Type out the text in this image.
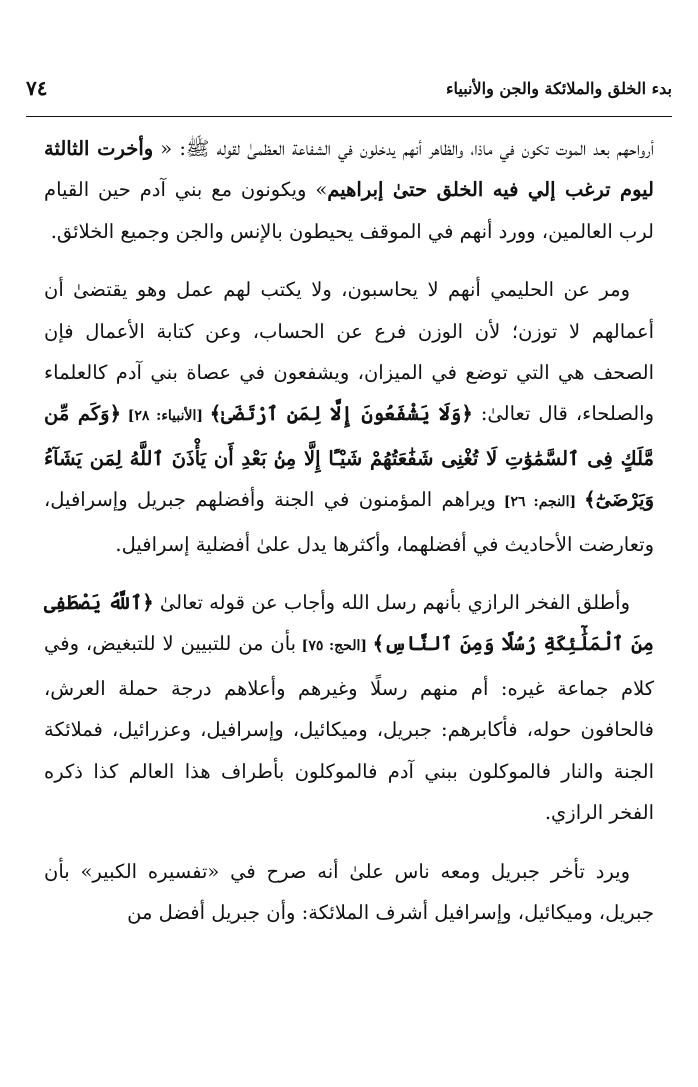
بدء الخلق والملائكة والجن والأنبياء
٧٤

أرواحهم بعد الموت تكون في ماذا، والظاهر أنهم يدخلون في الشفاعة العظمىٰ لقوله ﷺ: « وأخرت الثالثة ليوم ترغب إلي فيه الخلق حتىٰ إبراهيم» ويكونون مع بني آدم حين القيام لرب العالمين، وورد أنهم في الموقف يحيطون بالإنس والجن وجميع الخلائق.

ومر عن الحليمي أنهم لا يحاسبون، ولا يكتب لهم عمل وهو يقتضىٰ أن أعمالهم لا توزن؛ لأن الوزن فرع عن الحساب، وعن كتابة الأعمال فإن الصحف هي التي توضع في الميزان، ويشفعون في عصاة بني آدم كالعلماء والصلحاء، قال تعالىٰ: ﴿وَلَا يَشْفَعُونَ إِلَّا لِمَنِ ٱرْتَضَىٰ﴾ [الأنبياء: ٢٨] ﴿وَكَم مِّن مَّلَكٍ فِى ٱلسَّمَٰوَٰتِ لَا تُغْنِى شَفَٰعَتُهُمْ شَيْـًٔا إِلَّا مِنۢ بَعْدِ أَن يَأْذَنَ ٱللَّهُ لِمَن يَشَآءُ وَيَرْضَىٰٓ﴾ [النجم: ٢٦] ويراهم المؤمنون في الجنة وأفضلهم جبريل وإسرافيل، وتعارضت الأحاديث في أفضلهما، وأكثرها يدل علىٰ أفضلية إسرافيل.

وأطلق الفخر الرازي بأنهم رسل الله وأجاب عن قوله تعالىٰ ﴿ٱللَّهُ يَصْطَفِى مِنَ ٱلْمَلَٰٓئِكَةِ رُسُلًا وَمِنَ ٱلنَّاسِ﴾ [الحج: ٧٥] بأن من للتبيين لا للتبغيض، وفي كلام جماعة غيره: أم منهم رسلًا وغيرهم وأعلاهم درجة حملة العرش، فالحافون حوله، فأكابرهم: جبريل، وميكائيل، وإسرافيل، وعزرائيل، فملائكة الجنة والنار فالموكلون ببني آدم فالموكلون بأطراف هذا العالم كذا ذكره الفخر الرازي.

ويرد تأخر جبريل ومعه ناس علىٰ أنه صرح في «تفسيره الكبير» بأن جبريل، وميكائيل، وإسرافيل أشرف الملائكة: وأن جبريل أفضل من
